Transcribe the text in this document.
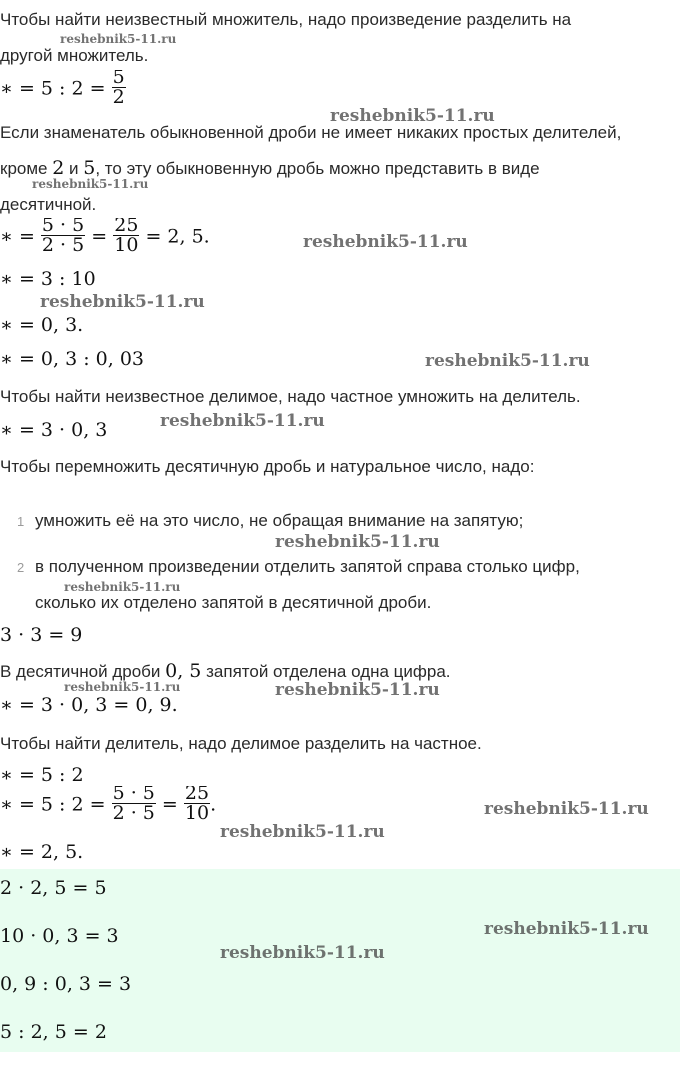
Чтобы найти неизвестный множитель, надо произведение разделить на
другой множитель.
reshebnik5-11.ru
∗ = 5 : $2 = \frac{5}{2}$
reshebnik5-11.ru
Если знаменатель обыкновенной дроби не имеет никаких простых делителей,
кроме 2 и 5, то эту обыкновенную дробь можно представить в виде
reshebnik5-11.ru
десятичной.
∗ = $\frac{5 \cdot 5}{2 \cdot 5} = \frac{25}{10} = 2$, 5.	reshebnik5-11.ru
∗ = 3 : 10
reshebnik5-11.ru
∗ = 0, 3.
∗ = 0, 3 : 0, 03	reshebnik5-11.ru
Чтобы найти неизвестное делимое, надо частное умножить на делитель.
∗ = 3 · 0, 3	reshebnik5-11.ru
Чтобы перемножить десятичную дробь и натуральное число, надо:
1 умножить её на это число, не обращая внимание на запятую;
reshebnik5-11.ru
2 в полученном произведении отделить запятой справа столько цифр,
reshebnik5-11.ru
сколько их отделено запятой в десятичной дроби.
3 · 3 = 9
В десятичной дроби 0, 5 запятой отделена одна цифра.
reshebnik5-11.ru	reshebnik5-11.ru
∗ = 3 · 0, 3 = 0, 9.
Чтобы найти делитель, надо делимое разделить на частное.
∗ = 5 : 2
∗ = 5 : $2 = \frac{5 \cdot 5}{2 \cdot 5} = \frac{25}{10}$ .
reshebnik5-11.ru
reshebnik5-11.ru
∗ = 2, 5.
2 · 2, 5 = 5
10 · 0, 3 = 3	reshebnik5-11.ru
reshebnik5-11.ru
0, 9 : 0, 3 = 3
5 : 2, 5 = 2
